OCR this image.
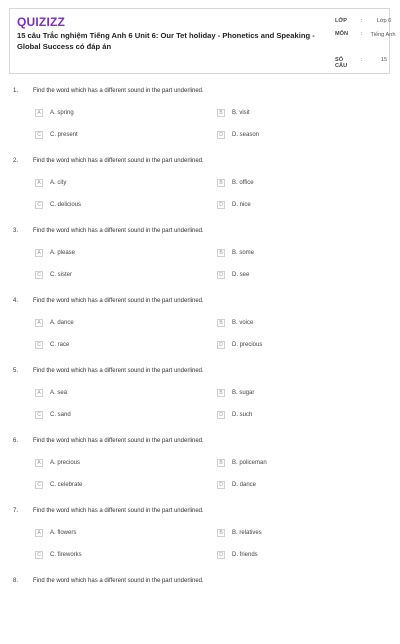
QUIZIZZ
15 câu Trắc nghiệm Tiếng Anh 6 Unit 6: Our Tet holiday - Phonetics and Speaking - Global Success có đáp án
LỚP	:	Lớp 6
MÔN : Tiếng Anh
SỐ CÂU
:	15
1. Find the word which has a different sound in the part underlined.
A	A. spring	B	B. visit
C	C. present	D	D. season
2. Find the word which has a different sound in the part underlined.
A	A. city	B	B. office
C	C. delicious	D	D. nice
3. Find the word which has a different sound in the part underlined.
A	A. please	B	B. some
C	C. sister	D	D. see
4. Find the word which has a different sound in the part underlined.
A	A. dance	B	B. voice
C	C. race	D	D. precious
5. Find the word which has a different sound in the part underlined.
A	A. sea	B	B. sugar
C	C. sand	D	D. such
6. Find the word which has a different sound in the part underlined.
A	A. precious	B	B. policeman
C	C. celebrate	D	D. dance
7. Find the word which has a different sound in the part underlined.
A	A. flowers	B	B. relatives
C	C. fireworks	D	D. friends
8. Find the word which has a different sound in the part underlined.
